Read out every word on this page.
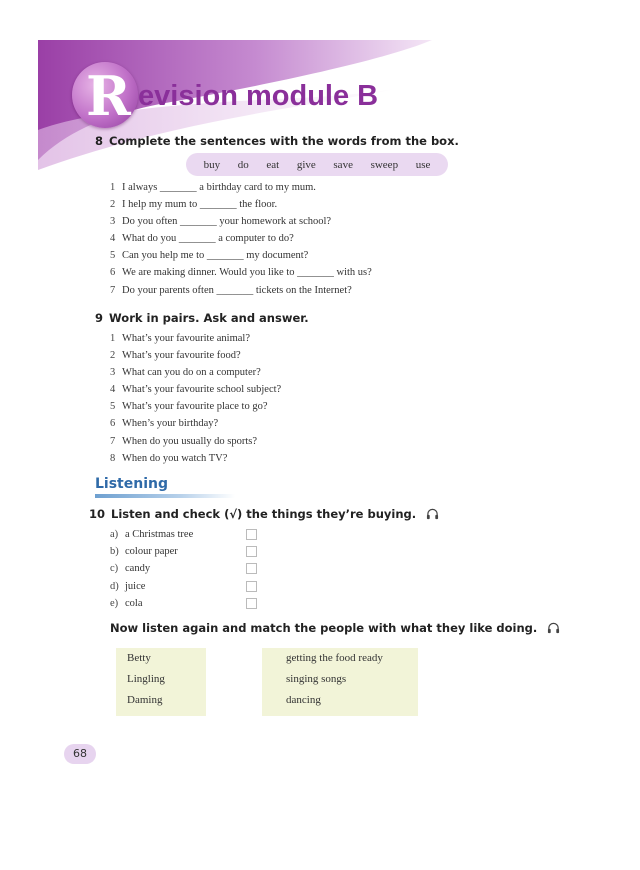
R evision module B
8 Complete the sentences with the words from the box.
buy do eat give save sweep use
1 I always _______ a birthday card to my mum.
2 I help my mum to _______ the floor.
3 Do you often _______ your homework at school?
4 What do you _______ a computer to do?
5 Can you help me to _______ my document?
6 We are making dinner. Would you like to _______ with us?
7 Do your parents often _______ tickets on the Internet?
9 Work in pairs. Ask and answer.
1 What’s your favourite animal?
2 What’s your favourite food?
3 What can you do on a computer?
4 What’s your favourite school subject?
5 What’s your favourite place to go?
6 When’s your birthday?
7 When do you usually do sports?
8 When do you watch TV?
Listening
10 Listen and check (√) the things they’re buying.
a) a Christmas tree
b) colour paper
c) candy
d) juice
e) cola
Now listen again and match the people with what they like doing.
Betty
Lingling
Daming
getting the food ready
singing songs
dancing
68
